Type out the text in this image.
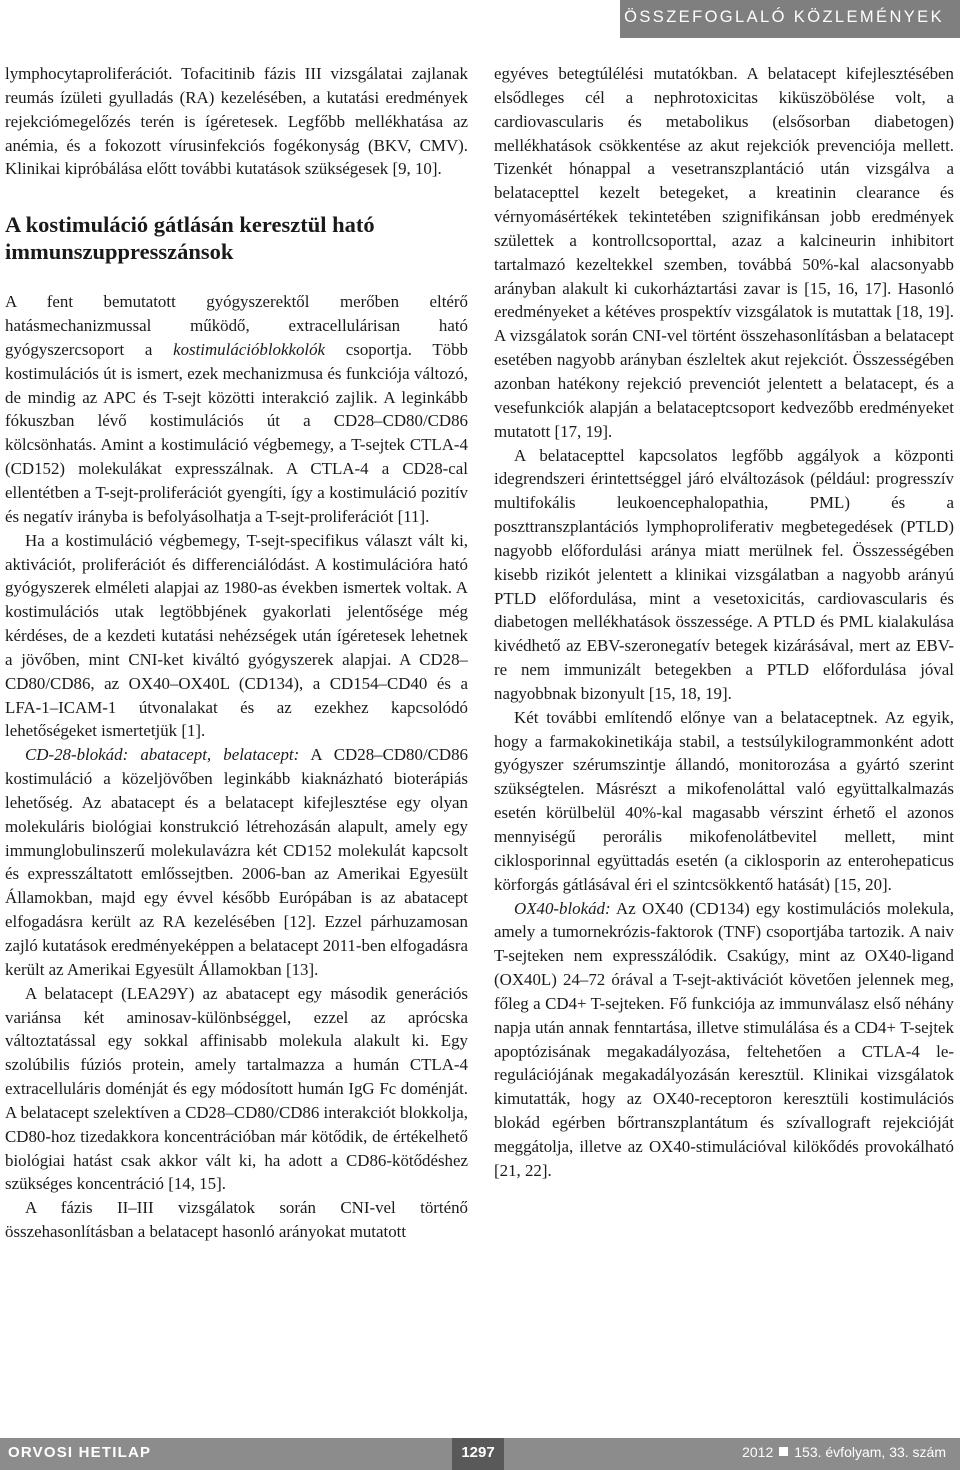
ÖSSZEFOGLALÓ KÖZLEMÉNYEK

lymphocytaproliferációt. Tofacitinib fázis III vizsgálatai zajlanak reumás ízületi gyulladás (RA) kezelésében, a kutatási eredmények rejekciómegelőzés terén is ígéretesek. Legfőbb mellékhatása az anémia, és a fokozott vírusinfekciós fogékonyság (BKV, CMV). Klinikai kipróbálása előtt további kutatások szükségesek [9, 10].

A kostimuláció gátlásán keresztül ható immunszuppresszánsok

A fent bemutatott gyógyszerektől merőben eltérő hatásmechanizmussal működő, extracellulárisan ható gyógyszercsoport a kostimulációblokkolók csoportja. Több kostimulációs út is ismert, ezek mechanizmusa és funkciója változó, de mindig az APC és T-sejt közötti interakció zajlik. A leginkább fókuszban lévő kostimulációs út a CD28–CD80/CD86 kölcsönhatás. Amint a kostimuláció végbemegy, a T-sejtek CTLA-4 (CD152) molekulákat expresszálnak. A CTLA-4 a CD28-cal ellentétben a T-sejt-proliferációt gyengíti, így a kostimuláció pozitív és negatív irányba is befolyásolhatja a T-sejt-proliferációt [11].

Ha a kostimuláció végbemegy, T-sejt-specifikus választ vált ki, aktivációt, proliferációt és differenciálódást. A kostimulációra ható gyógyszerek elméleti alapjai az 1980-as években ismertek voltak. A kostimulációs utak legtöbbjének gyakorlati jelentősége még kérdéses, de a kezdeti kutatási nehézségek után ígéretesek lehetnek a jövőben, mint CNI-ket kiváltó gyógyszerek alapjai. A CD28–CD80/CD86, az OX40–OX40L (CD134), a CD154–CD40 és a LFA-1–ICAM-1 útvonalakat és az ezekhez kapcsolódó lehetőségeket ismertetjük [1].

CD-28-blokád: abatacept, belatacept: A CD28–CD80/CD86 kostimuláció a közeljövőben leginkább kiaknázható bioterápiás lehetőség. Az abatacept és a belatacept kifejlesztése egy olyan molekuláris biológiai konstrukció létrehozásán alapult, amely egy immunglobulinszerű molekulavázra két CD152 molekulát kapcsolt és expresszáltatott emlőssejtben. 2006-ban az Amerikai Egyesült Államokban, majd egy évvel később Európában is az abatacept elfogadásra került az RA kezelésében [12]. Ezzel párhuzamosan zajló kutatások eredményeképpen a belatacept 2011-ben elfogadásra került az Amerikai Egyesült Államokban [13].

A belatacept (LEA29Y) az abatacept egy második generációs variánsa két aminosav-különbséggel, ezzel az aprócska változtatással egy sokkal affinisabb molekula alakult ki. Egy szolúbilis fúziós protein, amely tartalmazza a humán CTLA-4 extracelluláris doménját és egy módosított humán IgG Fc doménját. A belatacept szelektíven a CD28–CD80/CD86 interakciót blokkolja, CD80-hoz tizedakkora koncentrációban már kötődik, de értékelhető biológiai hatást csak akkor vált ki, ha adott a CD86-kötődéshez szükséges koncentráció [14, 15].

A fázis II–III vizsgálatok során CNI-vel történő összehasonlításban a belatacept hasonló arányokat mutatott

egyéves betegtúlélési mutatókban. A belatacept kifejlesztésében elsődleges cél a nephrotoxicitas kiküszöbölése volt, a cardiovascularis és metabolikus (elsősorban diabetogen) mellékhatások csökkentése az akut rejekciók prevenciója mellett. Tizenkét hónappal a vesetranszplantáció után vizsgálva a belatacepttel kezelt betegeket, a kreatinin clearance és vérnyomásértékek tekintetében szignifikánsan jobb eredmények születtek a kontrollcsoporttal, azaz a kalcineurin inhibitort tartalmazó kezeltekkel szemben, továbbá 50%-kal alacsonyabb arányban alakult ki cukorháztartási zavar is [15, 16, 17]. Hasonló eredményeket a kétéves prospektív vizsgálatok is mutattak [18, 19]. A vizsgálatok során CNI-vel történt összehasonlításban a belatacept esetében nagyobb arányban észleltek akut rejekciót. Összességében azonban hatékony rejekció prevenciót jelentett a belatacept, és a vesefunkciók alapján a belataceptcsoport kedvezőbb eredményeket mutatott [17, 19].

A belatacepttel kapcsolatos legfőbb aggályok a központi idegrendszeri érintettséggel járó elváltozások (például: progresszív multifokális leukoencephalopathia, PML) és a poszttranszplantációs lymphoproliferativ megbetegedések (PTLD) nagyobb előfordulási aránya miatt merülnek fel. Összességében kisebb rizikót jelentett a klinikai vizsgálatban a nagyobb arányú PTLD előfordulása, mint a vesetoxicitás, cardiovascularis és diabetogen mellékhatások összessége. A PTLD és PML kialakulása kivédhető az EBV-szeronegatív betegek kizárásával, mert az EBV-re nem immunizált betegekben a PTLD előfordulása jóval nagyobbnak bizonyult [15, 18, 19].

Két további említendő előnye van a belataceptnek. Az egyik, hogy a farmakokinetikája stabil, a testsúlykilogrammonként adott gyógyszer szérumszintje állandó, monitorozása a gyártó szerint szükségtelen. Másrészt a mikofenoláttal való együttalkalmazás esetén körülbelül 40%-kal magasabb vérszint érhető el azonos mennyiségű perorális mikofenolátbevitel mellett, mint ciklosporinnal együttadás esetén (a ciklosporin az enterohepaticus körforgás gátlásával éri el szintcsökkentő hatását) [15, 20].

OX40-blokád: Az OX40 (CD134) egy kostimulációs molekula, amely a tumornekrózis-faktorok (TNF) csoportjába tartozik. A naiv T-sejteken nem expresszálódik. Csakúgy, mint az OX40-ligand (OX40L) 24–72 órával a T-sejt-aktivációt követően jelennek meg, főleg a CD4+ T-sejteken. Fő funkciója az immunválasz első néhány napja után annak fenntartása, illetve stimulálása és a CD4+ T-sejtek apoptózisának megakadályozása, feltehetően a CTLA-4 le-regulációjának megakadályozásán keresztül. Klinikai vizsgálatok kimutatták, hogy az OX40-receptoron keresztüli kostimulációs blokád egérben bőrtranszplantátum és szívallograft rejekcióját meggátolja, illetve az OX40-stimulációval kilökődés provokálható [21, 22].

ORVOSI HETILAP	1297	2012 153. évfolyam, 33. szám
